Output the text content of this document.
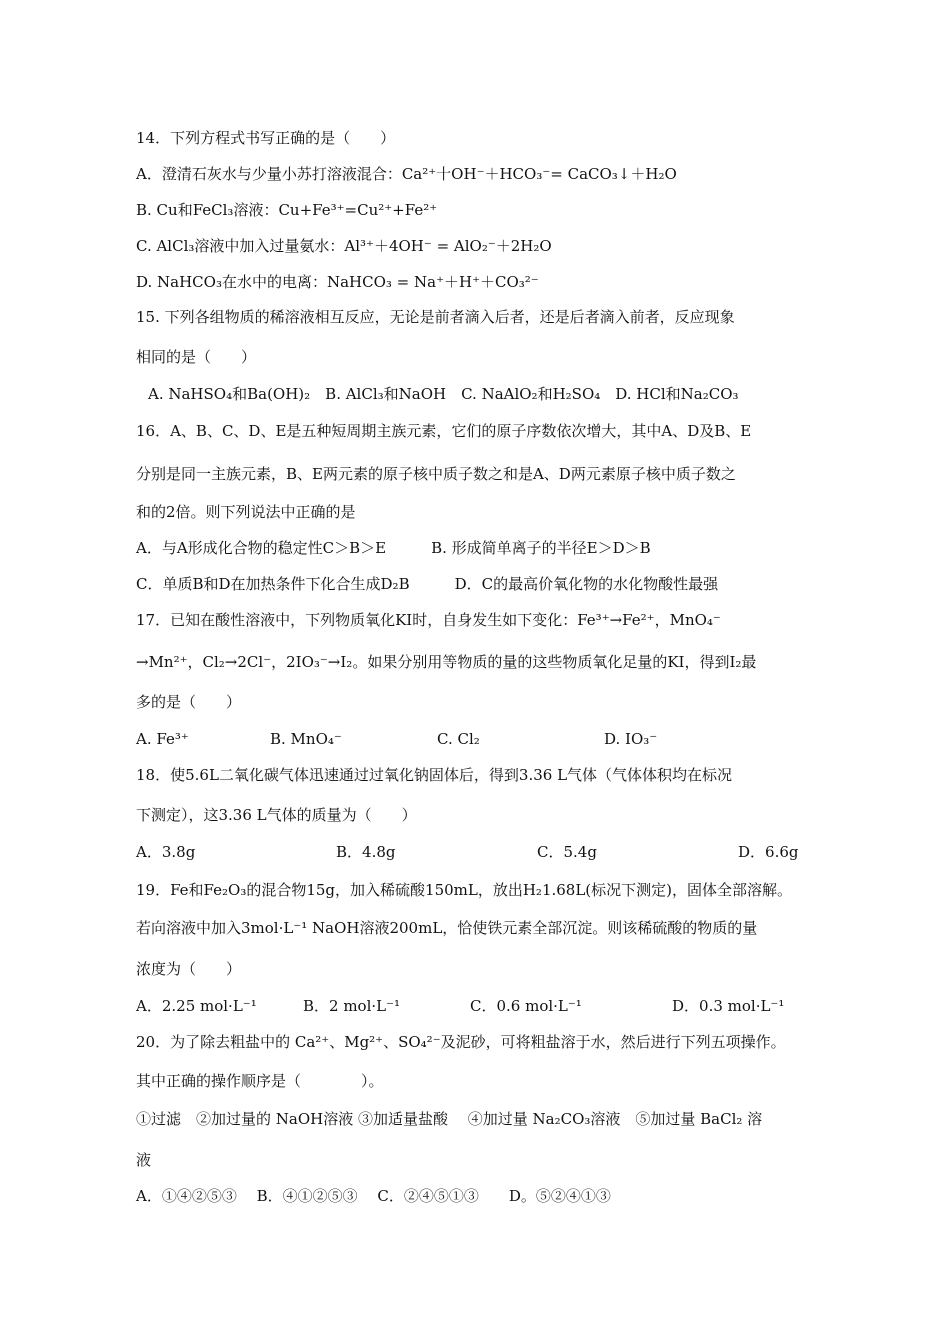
14．下列方程式书写正确的是（　　）
A．澄清石灰水与少量小苏打溶液混合：Ca²⁺十OH⁻＋HCO₃⁻= CaCO₃↓＋H₂O
B. Cu和FeCl₃溶液：Cu+Fe³⁺=Cu²⁺+Fe²⁺
C. AlCl₃溶液中加入过量氨水：Al³⁺＋4OH⁻ = AlO₂⁻＋2H₂O
D. NaHCO₃在水中的电离：NaHCO₃ = Na⁺＋H⁺＋CO₃²⁻
15. 下列各组物质的稀溶液相互反应，无论是前者滴入后者，还是后者滴入前者，反应现象
相同的是（　　）
A. NaHSO₄和Ba(OH)₂　B. AlCl₃和NaOH　C. NaAlO₂和H₂SO₄　D. HCl和Na₂CO₃
16．A、B、C、D、E是五种短周期主族元素，它们的原子序数依次增大，其中A、D及B、E
分别是同一主族元素，B、E两元素的原子核中质子数之和是A、D两元素原子核中质子数之
和的2倍。则下列说法中正确的是
A．与A形成化合物的稳定性C＞B＞E　　　B. 形成简单离子的半径E＞D＞B
C．单质B和D在加热条件下化合生成D₂B　　　D．C的最高价氧化物的水化物酸性最强
17．已知在酸性溶液中，下列物质氧化KI时，自身发生如下变化：Fe³⁺→Fe²⁺，MnO₄⁻
→Mn²⁺，Cl₂→2Cl⁻，2IO₃⁻→I₂。如果分别用等物质的量的这些物质氧化足量的KI，得到I₂最
多的是（　　）
A. Fe³⁺	B. MnO₄⁻	C. Cl₂	D. IO₃⁻
18．使5.6L二氧化碳气体迅速通过过氧化钠固体后，得到3.36 L气体（气体体积均在标况
下测定），这3.36 L气体的质量为（　　）
A．3.8g	B．4.8g	C．5.4g	D．6.6g
19．Fe和Fe₂O₃的混合物15g，加入稀硫酸150mL，放出H₂1.68L(标况下测定)，固体全部溶解。
若向溶液中加入3mol·L⁻¹ NaOH溶液200mL，恰使铁元素全部沉淀。则该稀硫酸的物质的量
浓度为（　　）
A．2.25 mol·L⁻¹	B．2 mol·L⁻¹	C．0.6 mol·L⁻¹	D．0.3 mol·L⁻¹
20．为了除去粗盐中的 Ca²⁺、Mg²⁺、SO₄²⁻及泥砂，可将粗盐溶于水，然后进行下列五项操作。
其中正确的操作顺序是（　　　　）。
①过滤　②加过量的 NaOH溶液 ③加适量盐酸　 ④加过量 Na₂CO₃溶液　⑤加过量 BaCl₂ 溶
液
A．①④②⑤③　 B．④①②⑤③　 C．②④⑤①③　　D。⑤②④①③
